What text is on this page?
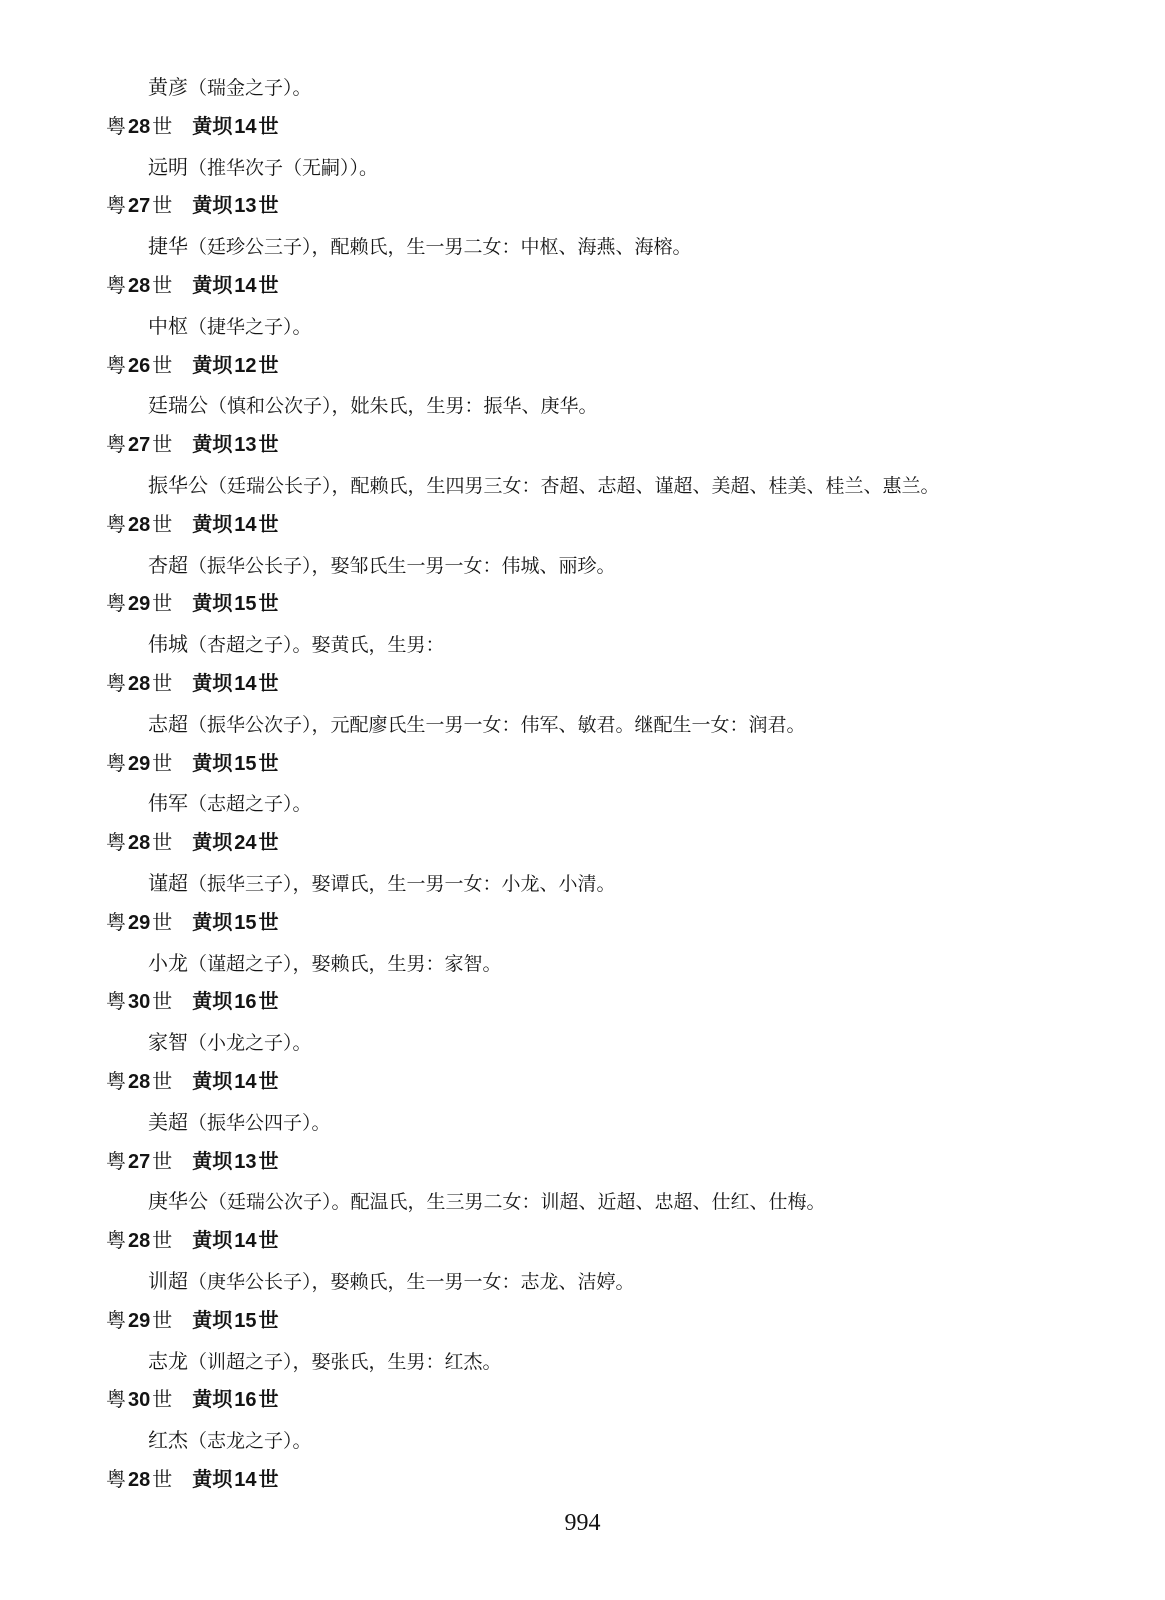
黄彦（瑞金之子）。
粤 28 世 黄坝 14 世
远明（推华次子（无嗣））。
粤 27 世 黄坝 13 世
捷华（廷珍公三子），配赖氏，生一男二女：中枢、海燕、海榕。
粤 28 世 黄坝 14 世
中枢（捷华之子）。
粤 26 世 黄坝 12 世
廷瑞公（慎和公次子），妣朱氏，生男：振华、庚华。
粤 27 世 黄坝 13 世
振华公（廷瑞公长子），配赖氏，生四男三女：杏超、志超、谨超、美超、桂美、桂兰、惠兰。
粤 28 世 黄坝 14 世
杏超（振华公长子），娶邹氏生一男一女：伟城、丽珍。
粤 29 世 黄坝 15 世
伟城（杏超之子）。娶黄氏，生男：
粤 28 世 黄坝 14 世
志超（振华公次子），元配廖氏生一男一女：伟军、敏君。继配生一女：润君。
粤 29 世 黄坝 15 世
伟军（志超之子）。
粤 28 世 黄坝 24 世
谨超（振华三子），娶谭氏，生一男一女：小龙、小清。
粤 29 世 黄坝 15 世
小龙（谨超之子），娶赖氏，生男：家智。
粤 30 世 黄坝 16 世
家智（小龙之子）。
粤 28 世 黄坝 14 世
美超（振华公四子）。
粤 27 世 黄坝 13 世
庚华公（廷瑞公次子）。配温氏，生三男二女：训超、近超、忠超、仕红、仕梅。
粤 28 世 黄坝 14 世
训超（庚华公长子），娶赖氏，生一男一女：志龙、洁婷。
粤 29 世 黄坝 15 世
志龙（训超之子），娶张氏，生男：红杰。
粤 30 世 黄坝 16 世
红杰（志龙之子）。
粤 28 世 黄坝 14 世
994
